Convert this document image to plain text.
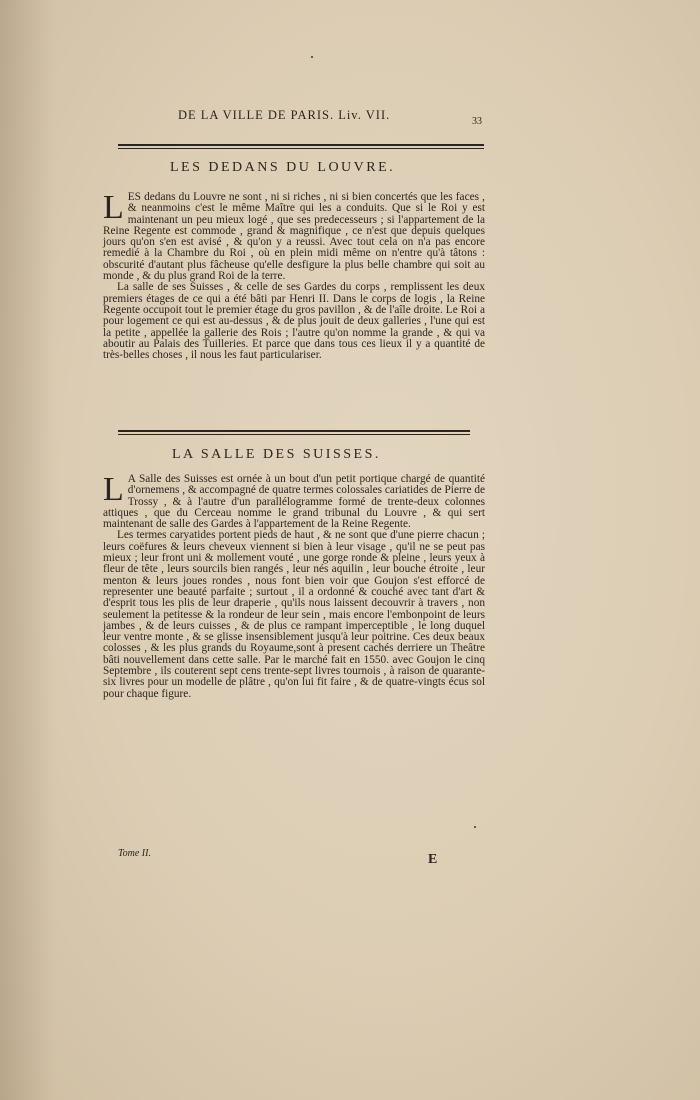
DE LA VILLE DE PARIS. Liv. VII.	33
LES DEDANS DU LOUVRE.

LES dedans du Louvre ne sont , ni si riches , ni si bien concertés que les faces , & neanmoins c'est le même Maître qui les a conduits. Que si le Roi y est maintenant un peu mieux logé , que ses predecesseurs ; si l'appartement de la Reine Regente est commode , grand & magnifique , ce n'est que depuis quelques jours qu'on s'en est avisé , & qu'on y a reussi. Avec tout cela on n'a pas encore remedié à la Chambre du Roi , où en plein midi même on n'entre qu'à tâtons : obscurité d'autant plus fâcheuse qu'elle desfigure la plus belle chambre qui soit au monde , & du plus grand Roi de la terre.

La salle de ses Suisses , & celle de ses Gardes du corps , remplissent les deux premiers étages de ce qui a été bâti par Henri II. Dans le corps de logis , la Reine Regente occupoit tout le premier étage du gros pavillon , & de l'aîle droite. Le Roi a pour logement ce qui est au-dessus , & de plus jouit de deux galleries , l'une qui est la petite , appellée la gallerie des Rois ; l'autre qu'on nomme la grande , & qui va aboutir au Palais des Tuilleries. Et parce que dans tous ces lieux il y a quantité de très-belles choses , il nous les faut particulariser.

LA SALLE DES SUISSES.

L A Salle des Suisses est ornée à un bout d'un petit portique chargé de quantité d'ornemens , & accompagné de quatre termes colossales cariatides de Pierre de Trossy , & à l'autre d'un parallélogramme formé de trente-deux colonnes attiques , que du Cerceau nomme le grand tribunal du Louvre , & qui sert maintenant de salle des Gardes à l'appartement de la Reine Regente.

Les termes caryatides portent pieds de haut , & ne sont que d'une pierre chacun ; leurs coëfures & leurs cheveux viennent si bien à leur visage , qu'il ne se peut pas mieux ; leur front uni & mollement vouté , une gorge ronde & pleine , leurs yeux à fleur de tête , leurs sourcils bien rangés , leur nés aquilin , leur bouche étroite , leur menton & leurs joues rondes , nous font bien voir que Goujon s'est efforcé de representer une beauté parfaite ; surtout , il a ordonné & couché avec tant d'art & d'esprit tous les plis de leur draperie , qu'ils nous laissent decouvrir à travers , non seulement la petitesse & la rondeur de leur sein , mais encore l'embonpoint de leurs jambes , & de leurs cuisses , & de plus ce rampant imperceptible , le long duquel leur ventre monte , & se glisse insensiblement jusqu'à leur poitrine. Ces deux beaux colosses , & les plus grands du Royaume,sont à present cachés derriere un Theâtre bâti nouvellement dans cette salle. Par le marché fait en 1550. avec Goujon le cinq Septembre , ils couterent sept cens trente-sept livres tournois , à raison de quarante-six livres pour un modelle de plâtre , qu'on lui fit faire , & de quatre-vingts écus sol pour chaque figure.

Tome II.	E
